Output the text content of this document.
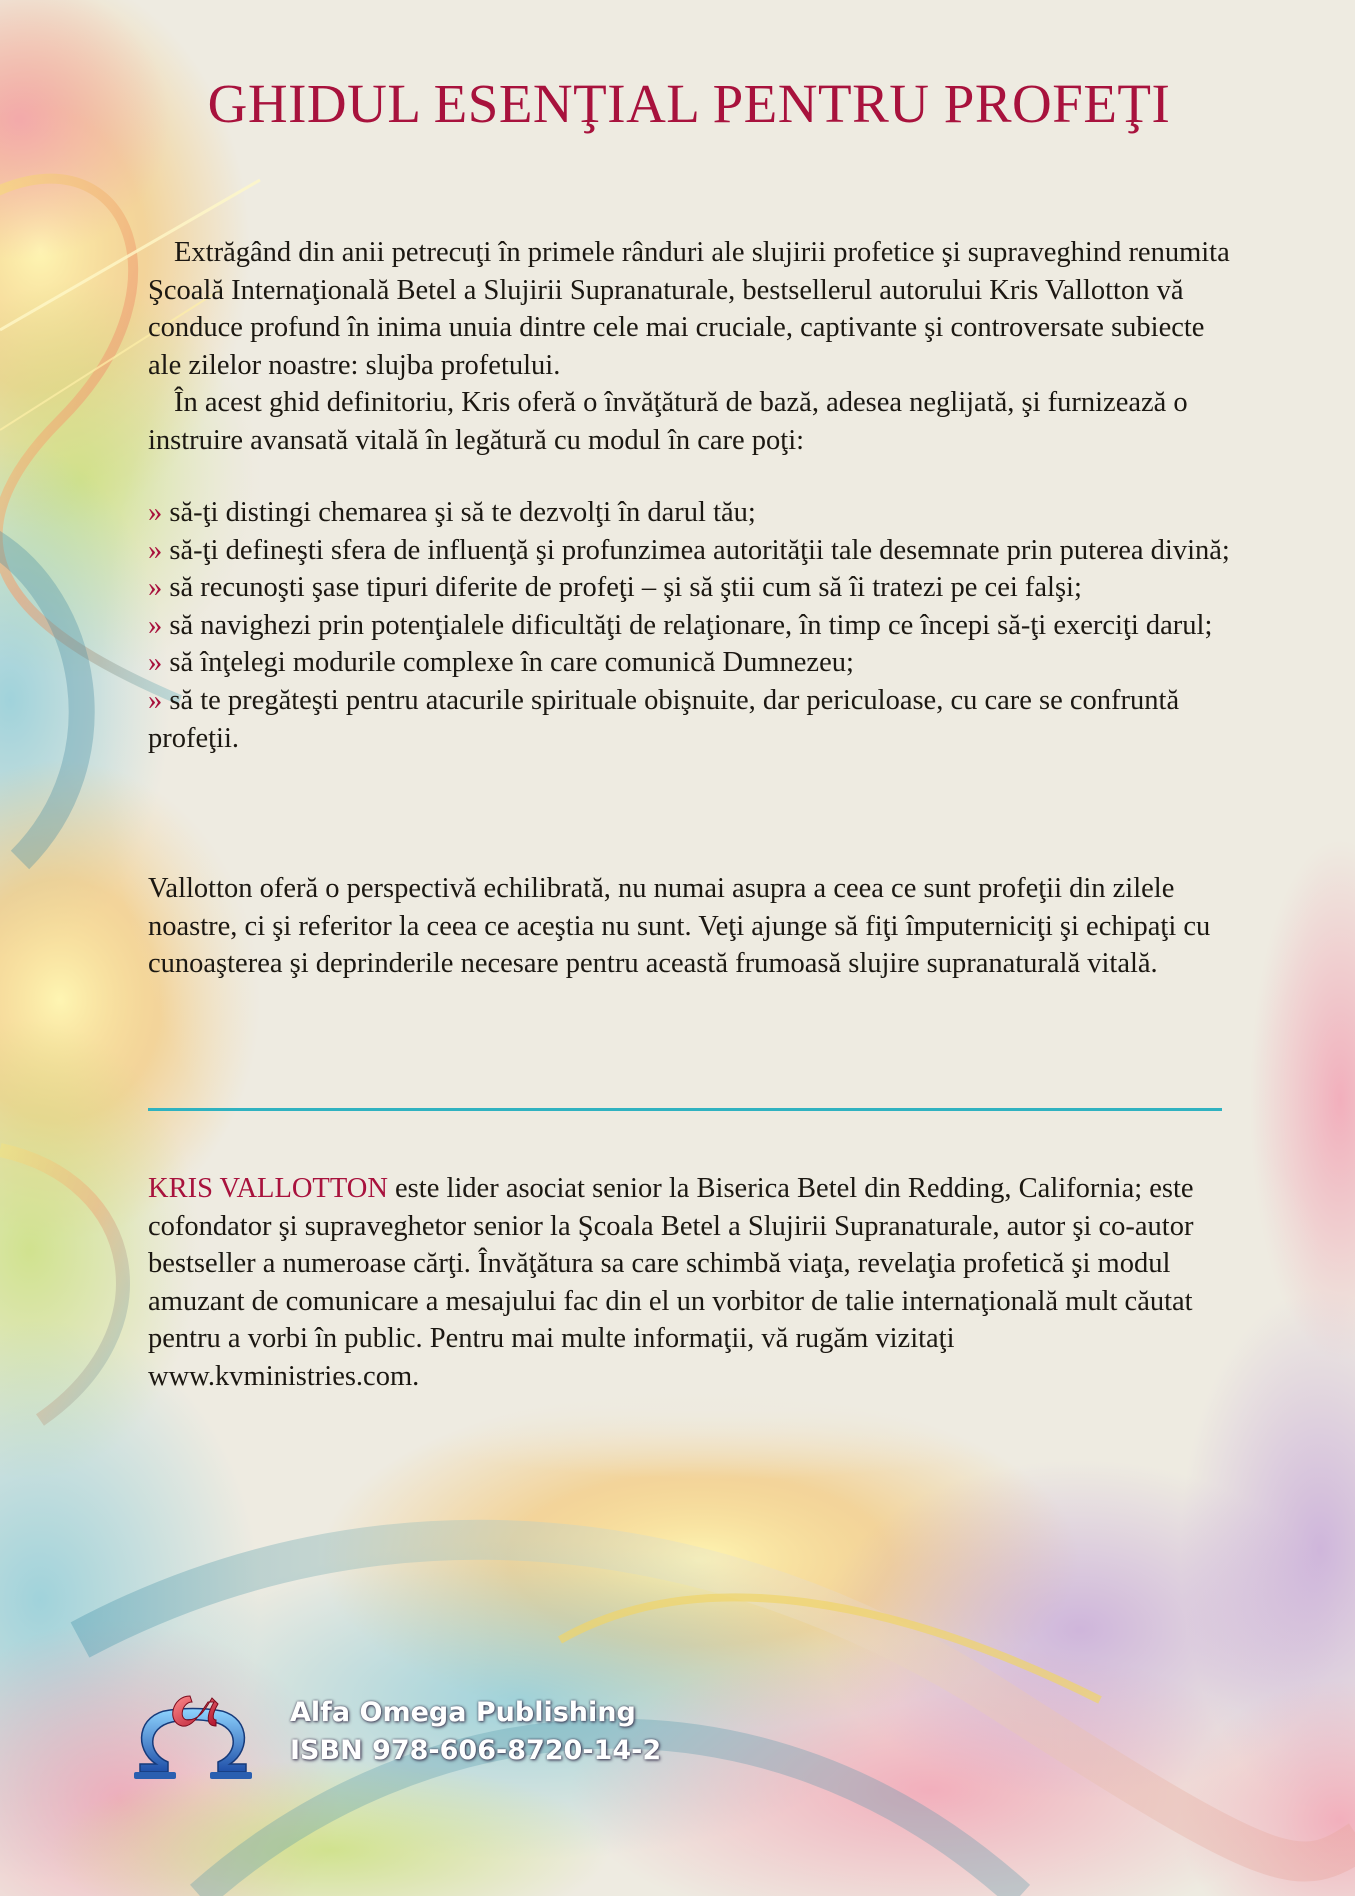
GHIDUL ESENŢIAL PENTRU PROFEŢI

Extrăgând din anii petrecuţi în primele rânduri ale slujirii profetice şi supraveghind renumita Şcoală Internaţională Betel a Slujirii Supranaturale, bestsellerul autorului Kris Vallotton vă conduce profund în inima unuia dintre cele mai cruciale, captivante şi controversate subiecte ale zilelor noastre: slujba profetului.

În acest ghid definitoriu, Kris oferă o învăţătură de bază, adesea neglijată, şi furnizează o instruire avansată vitală în legătură cu modul în care poţi:

» să-ţi distingi chemarea şi să te dezvolţi în darul tău;

» să-ţi defineşti sfera de influenţă şi profunzimea autorităţii tale desemnate prin puterea divină;

» să recunoşti şase tipuri diferite de profeţi – şi să ştii cum să îi tratezi pe cei falşi;

» să navighezi prin potenţialele dificultăţi de relaţionare, în timp ce începi să-ţi exerciţi darul;

» să înţelegi modurile complexe în care comunică Dumnezeu;

» să te pregăteşti pentru atacurile spirituale obişnuite, dar periculoase, cu care se confruntă profeţii.

Vallotton oferă o perspectivă echilibrată, nu numai asupra a ceea ce sunt profeţii din zilele noastre, ci şi referitor la ceea ce aceştia nu sunt. Veţi ajunge să fiţi împuterniciţi şi echipaţi cu cunoaşterea şi deprinderile necesare pentru această frumoasă slujire supranaturală vitală.

KRIS VALLOTTON este lider asociat senior la Biserica Betel din Redding, California; este cofondator şi supraveghetor senior la Şcoala Betel a Slujirii Supranaturale, autor şi co-autor bestseller a numeroase cărţi. Învăţătura sa care schimbă viaţa, revelaţia profetică şi modul amuzant de comunicare a mesajului fac din el un vorbitor de talie internaţională mult căutat pentru a vorbi în public. Pentru mai multe informaţii, vă rugăm vizitaţi www.kvministries.com.

Alfa Omega Publishing
ISBN 978-606-8720-14-2
